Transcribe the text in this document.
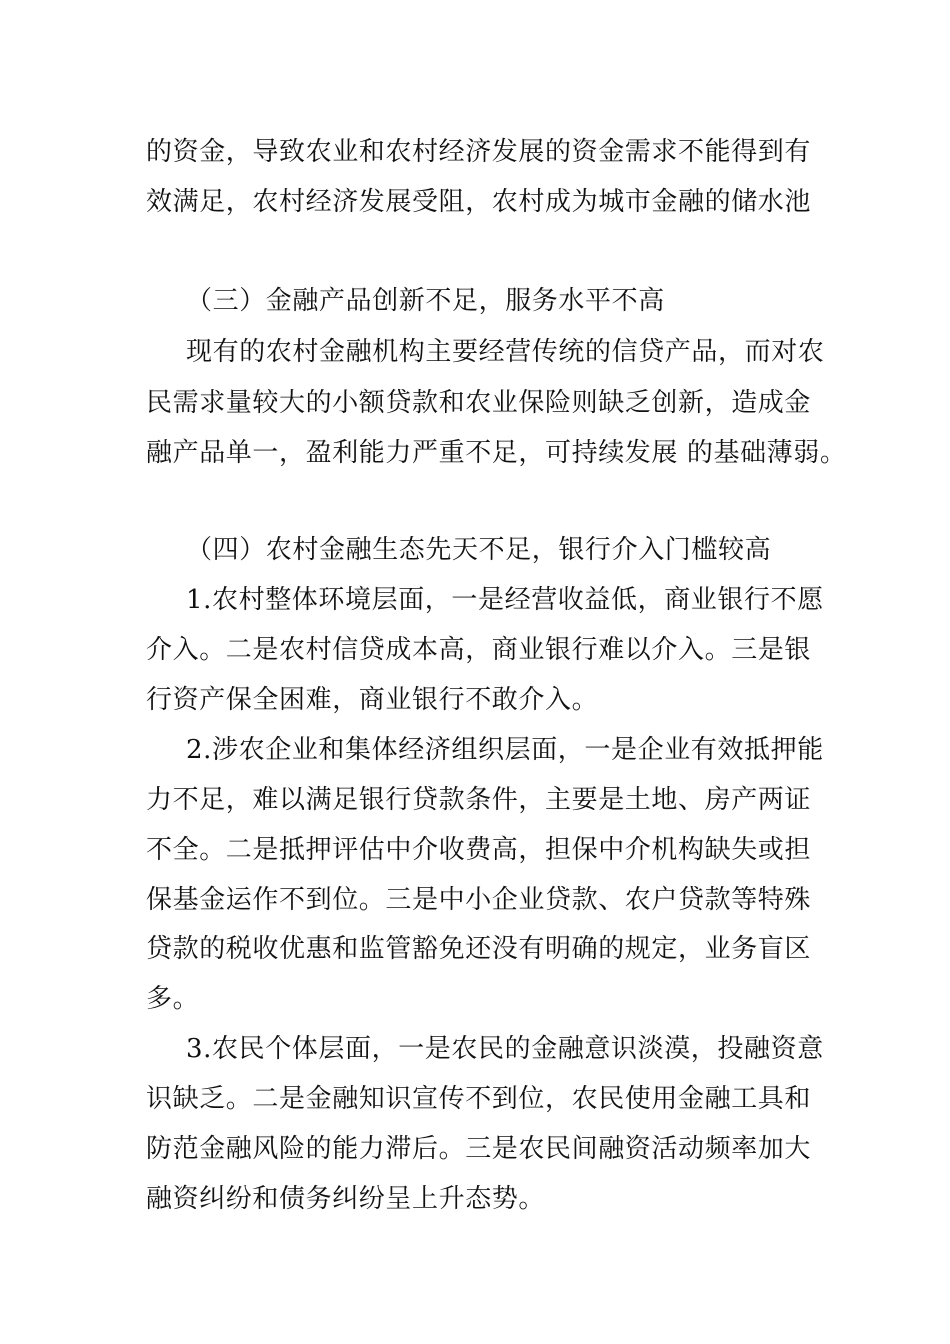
的资金，导致农业和农村经济发展的资金需求不能得到有
效满足，农村经济发展受阻，农村成为城市金融的储水池
（三）金融产品创新不足，服务水平不高
现有的农村金融机构主要经营传统的信贷产品，而对农
民需求量较大的小额贷款和农业保险则缺乏创新，造成金
融产品单一，盈利能力严重不足，可持续发展 的基础薄弱。
（四）农村金融生态先天不足，银行介入门槛较高
1.农村整体环境层面，一是经营收益低，商业银行不愿
介入。二是农村信贷成本高，商业银行难以介入。三是银
行资产保全困难，商业银行不敢介入。
2.涉农企业和集体经济组织层面，一是企业有效抵押能
力不足，难以满足银行贷款条件，主要是土地、房产两证
不全。二是抵押评估中介收费高，担保中介机构缺失或担
保基金运作不到位。三是中小企业贷款、农户贷款等特殊
贷款的税收优惠和监管豁免还没有明确的规定，业务盲区
多。
3.农民个体层面，一是农民的金融意识淡漠，投融资意
识缺乏。二是金融知识宣传不到位，农民使用金融工具和
防范金融风险的能力滞后。三是农民间融资活动频率加大
融资纠纷和债务纠纷呈上升态势。
